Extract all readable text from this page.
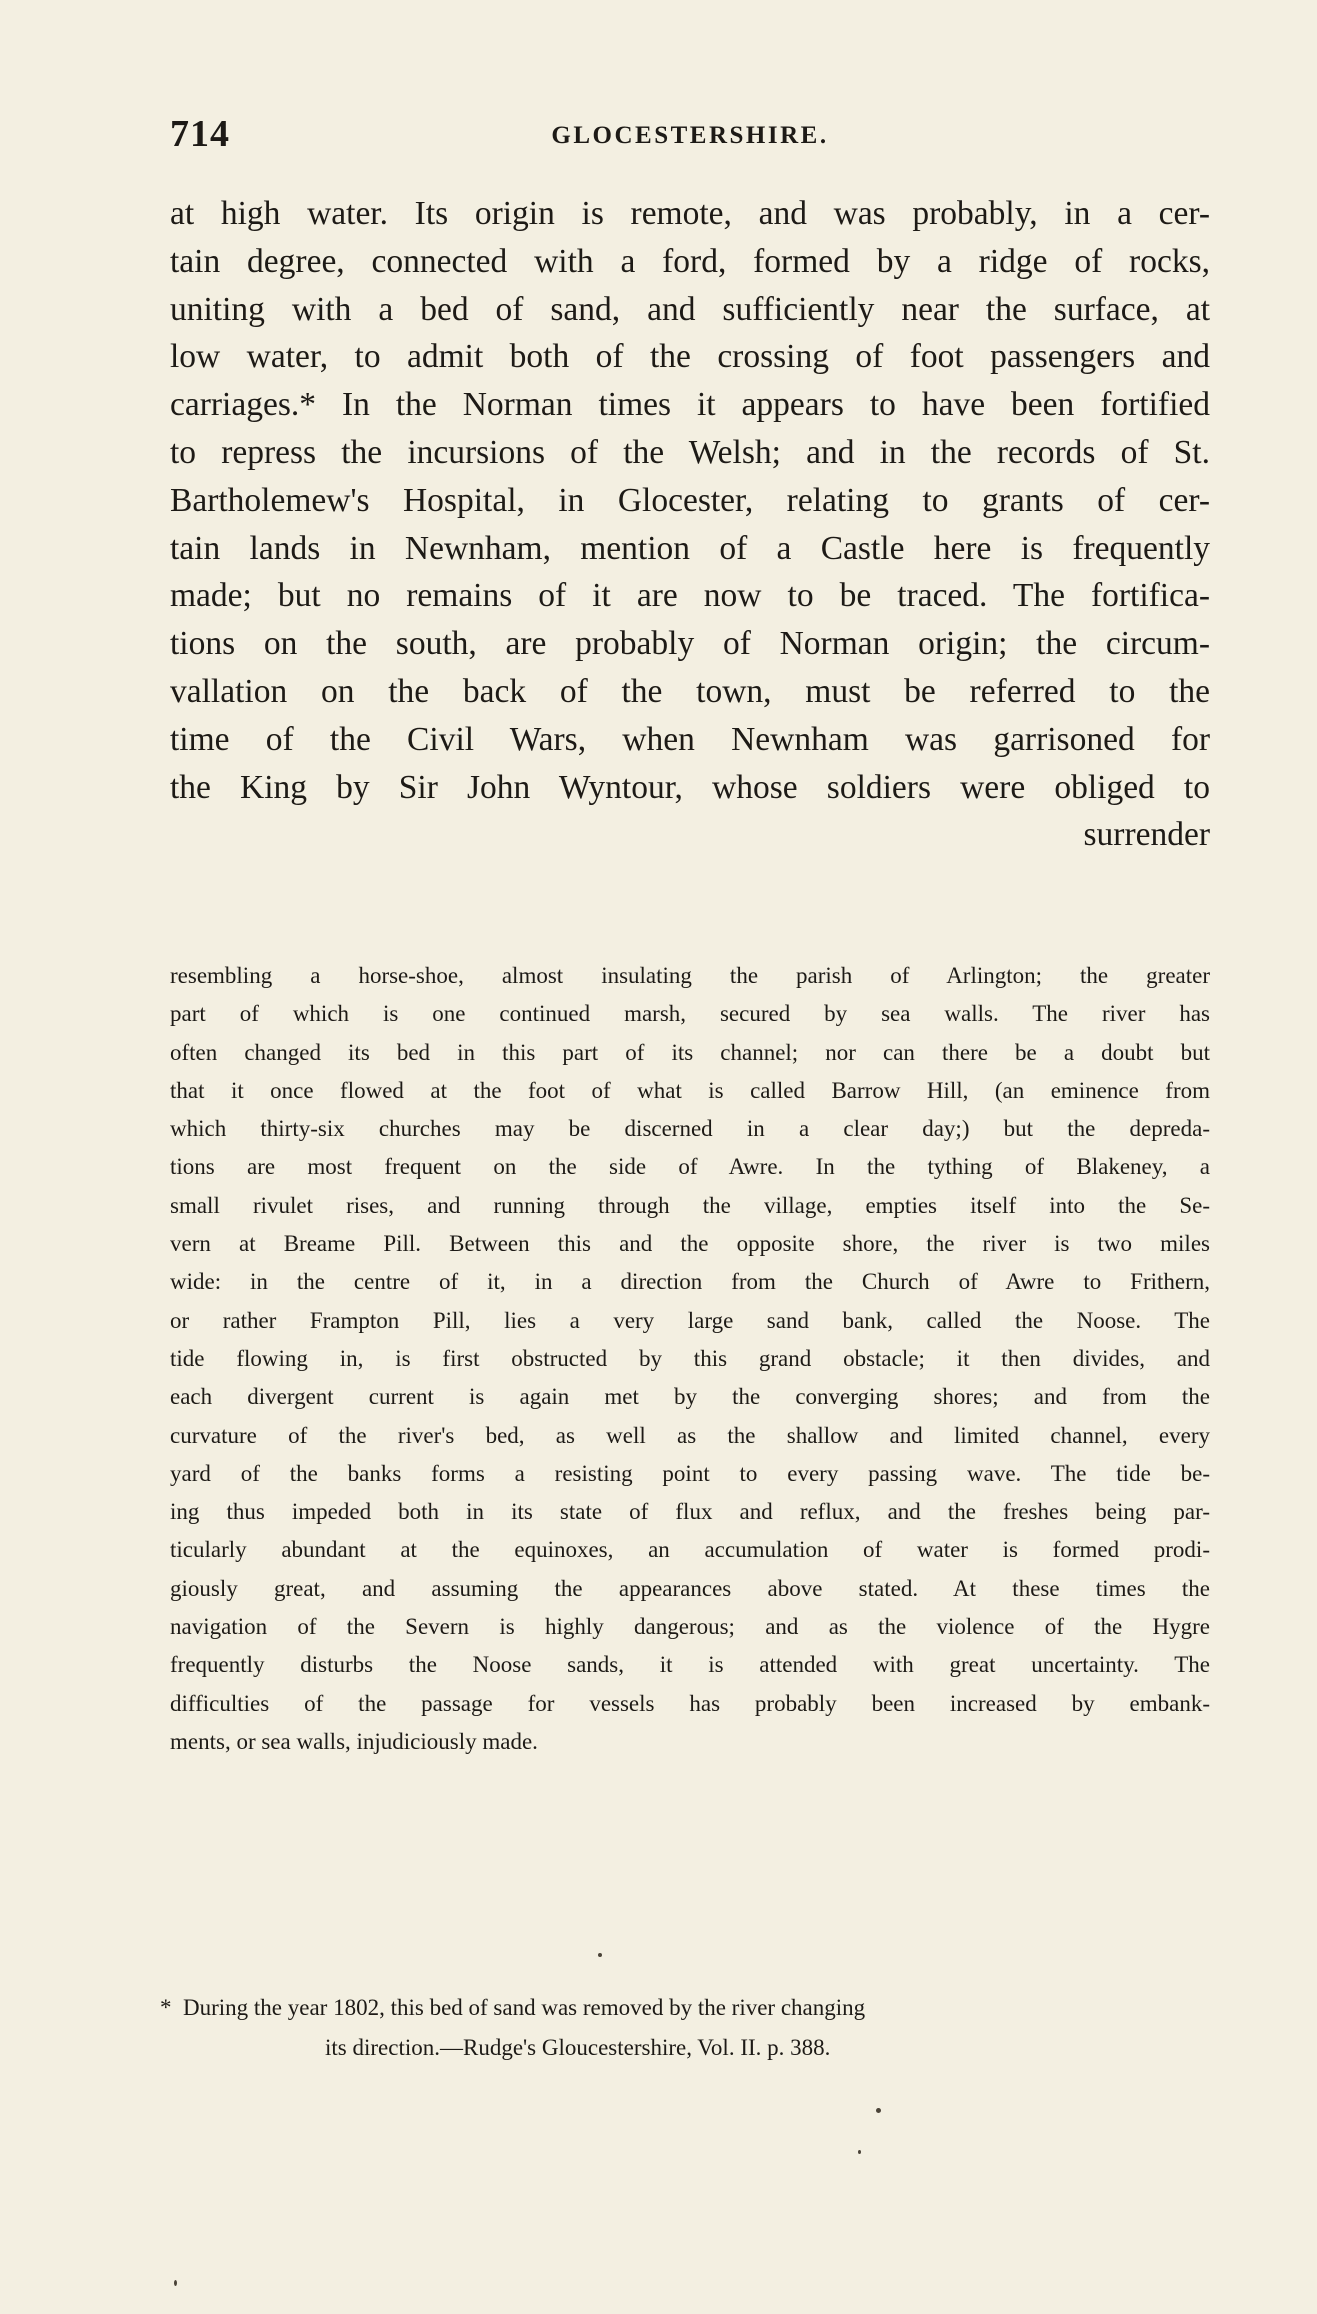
714	GLOCESTERSHIRE.
at high water. Its origin is remote, and was probably, in a cer-
tain degree, connected with a ford, formed by a ridge of rocks,
uniting with a bed of sand, and sufficiently near the surface, at
low water, to admit both of the crossing of foot passengers and
carriages.* In the Norman times it appears to have been fortified
to repress the incursions of the Welsh; and in the records of St.
Bartholemew's Hospital, in Glocester, relating to grants of cer-
tain lands in Newnham, mention of a Castle here is frequently
made; but no remains of it are now to be traced. The fortifica-
tions on the south, are probably of Norman origin; the circum-
vallation on the back of the town, must be referred to the
time of the Civil Wars, when Newnham was garrisoned for
the King by Sir John Wyntour, whose soldiers were obliged to
surrender
resembling a horse-shoe, almost insulating the parish of Arlington; the greater
part of which is one continued marsh, secured by sea walls. The river has
often changed its bed in this part of its channel; nor can there be a doubt but
that it once flowed at the foot of what is called Barrow Hill, (an eminence from
which thirty-six churches may be discerned in a clear day;) but the depreda-
tions are most frequent on the side of Awre. In the tything of Blakeney, a
small rivulet rises, and running through the village, empties itself into the Se-
vern at Breame Pill. Between this and the opposite shore, the river is two miles
wide: in the centre of it, in a direction from the Church of Awre to Frithern,
or rather Frampton Pill, lies a very large sand bank, called the Noose. The
tide flowing in, is first obstructed by this grand obstacle; it then divides, and
each divergent current is again met by the converging shores; and from the
curvature of the river's bed, as well as the shallow and limited channel, every
yard of the banks forms a resisting point to every passing wave. The tide be-
ing thus impeded both in its state of flux and reflux, and the freshes being par-
ticularly abundant at the equinoxes, an accumulation of water is formed prodi-
giously great, and assuming the appearances above stated. At these times the
navigation of the Severn is highly dangerous; and as the violence of the Hygre
frequently disturbs the Noose sands, it is attended with great uncertainty. The
difficulties of the passage for vessels has probably been increased by embank-
ments, or sea walls, injudiciously made.
* During the year 1802, this bed of sand was removed by the river changing
its direction.—Rudge's Gloucestershire, Vol. II. p. 388.
